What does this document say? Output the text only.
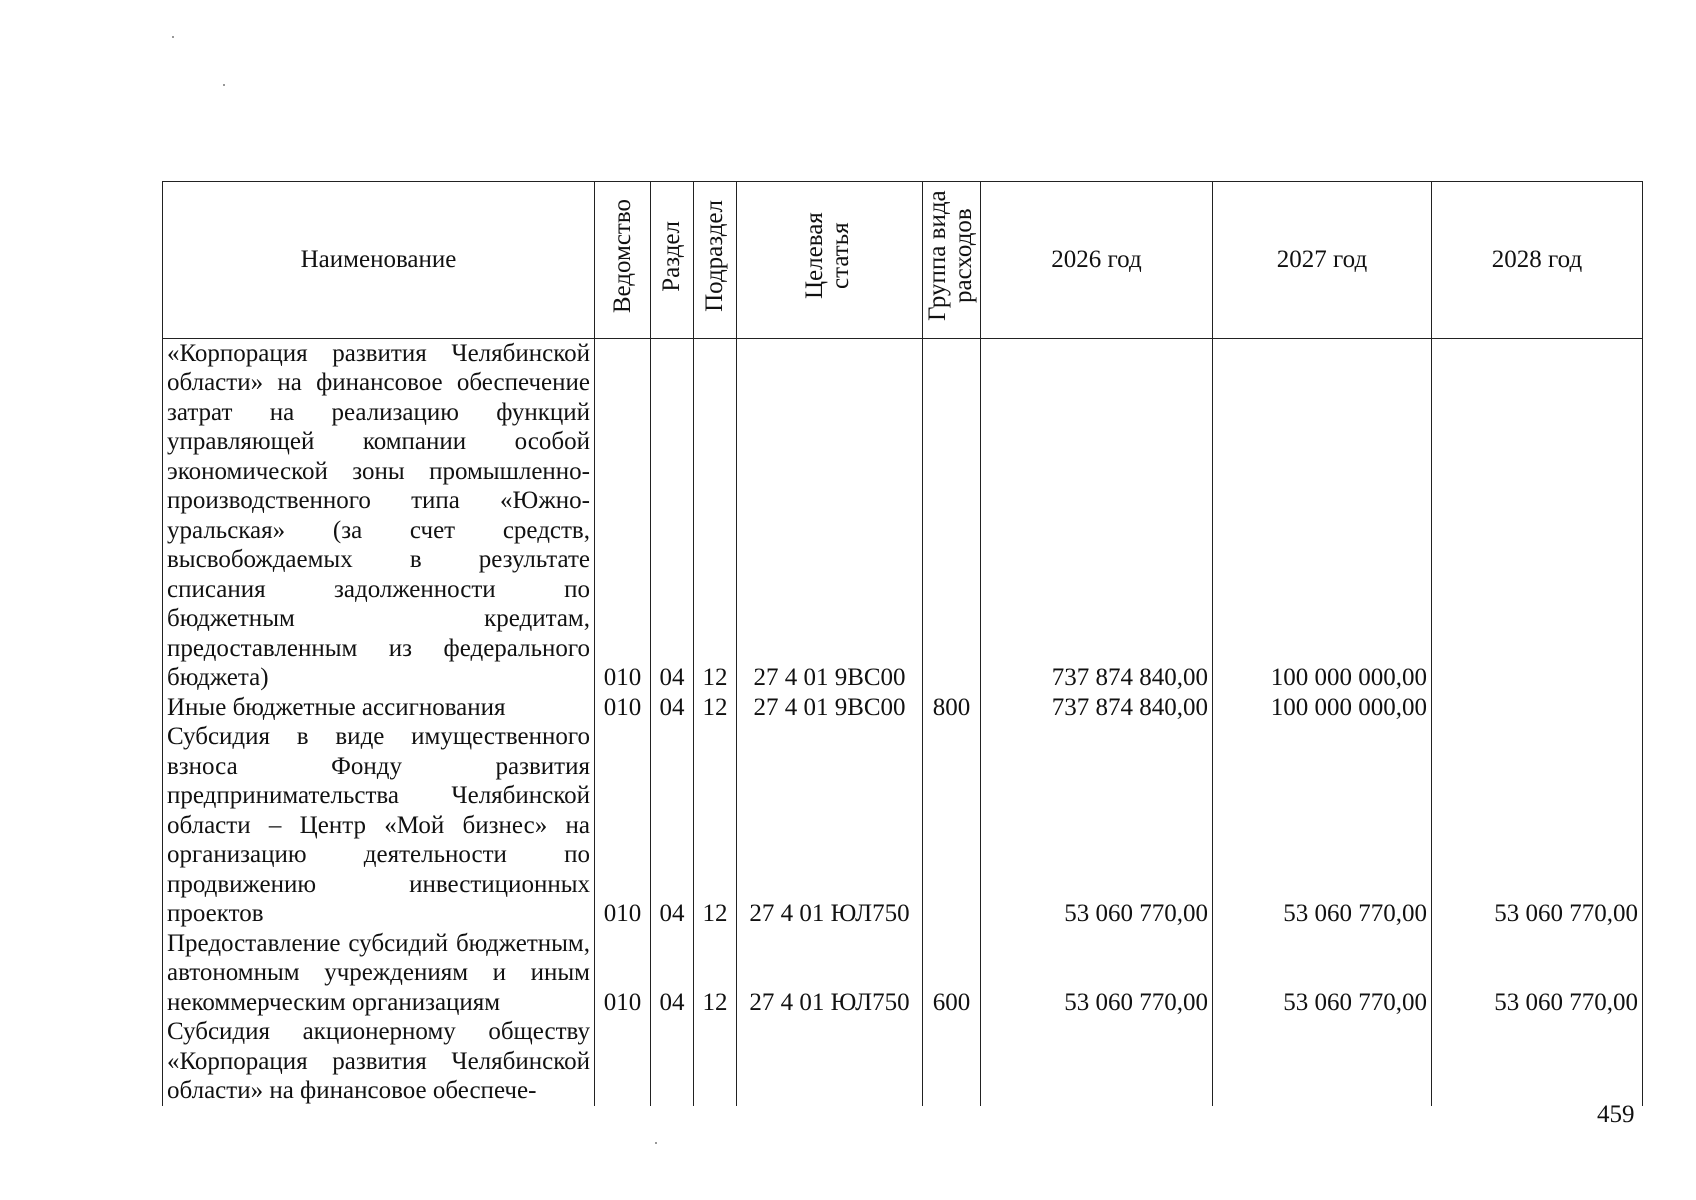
Наименование	Ведомство	Раздел	Подраздел	Целевая статья	Группа вида расходов	2026 год	2027 год	2028 год
«Корпорация развития Челябинской области» на финансовое обеспечение затрат на реализацию функций управляющей компании особой экономической зоны промышленно-производственного типа «Южно-уральская» (за счет средств, высвобождаемых в результате списания задолженности по бюджетным кредитам, предоставленным из федерального бюджета)	010	04	12	27 4 01 9ВС00		737 874 840,00	100 000 000,00	
Иные бюджетные ассигнования	010	04	12	27 4 01 9ВС00	800	737 874 840,00	100 000 000,00	
Субсидия в виде имущественного взноса Фонду развития предпринимательства Челябинской области – Центр «Мой бизнес» на организацию деятельности по продвижению инвестиционных проектов	010	04	12	27 4 01 ЮЛ750		53 060 770,00	53 060 770,00	53 060 770,00
Предоставление субсидий бюджетным, автономным учреждениям и иным некоммерческим организациям	010	04	12	27 4 01 ЮЛ750	600	53 060 770,00	53 060 770,00	53 060 770,00
Субсидия акционерному обществу «Корпорация развития Челябинской области» на финансовое обеспече-								
459
